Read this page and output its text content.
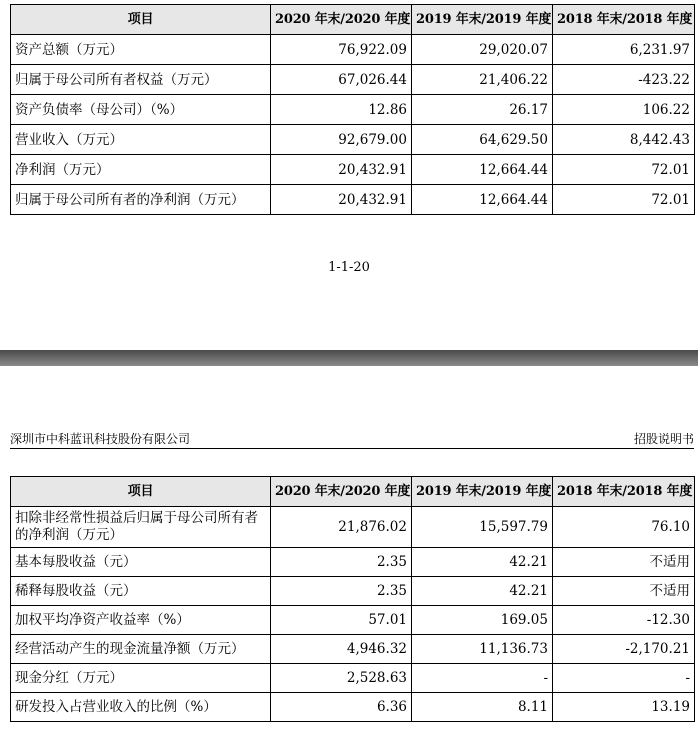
项目	2020 年末/2020 年度	2019 年末/2019 年度	2018 年末/2018 年度
资产总额（万元）	76,922.09	29,020.07	6,231.97
归属于母公司所有者权益（万元）	67,026.44	21,406.22	-423.22
资产负债率（母公司）（%）	12.86	26.17	106.22
营业收入（万元）	92,679.00	64,629.50	8,442.43
净利润（万元）	20,432.91	12,664.44	72.01
归属于母公司所有者的净利润（万元）	20,432.91	12,664.44	72.01
1-1-20
深圳市中科蓝讯科技股份有限公司	招股说明书
项目	2020 年末/2020 年度	2019 年末/2019 年度	2018 年末/2018 年度
扣除非经常性损益后归属于母公司所有者的净利润（万元）	21,876.02	15,597.79	76.10
基本每股收益（元）	2.35	42.21	不适用
稀释每股收益（元）	2.35	42.21	不适用
加权平均净资产收益率（%）	57.01	169.05	-12.30
经营活动产生的现金流量净额（万元）	4,946.32	11,136.73	-2,170.21
现金分红（万元）	2,528.63	-	-
研发投入占营业收入的比例（%）	6.36	8.11	13.19
